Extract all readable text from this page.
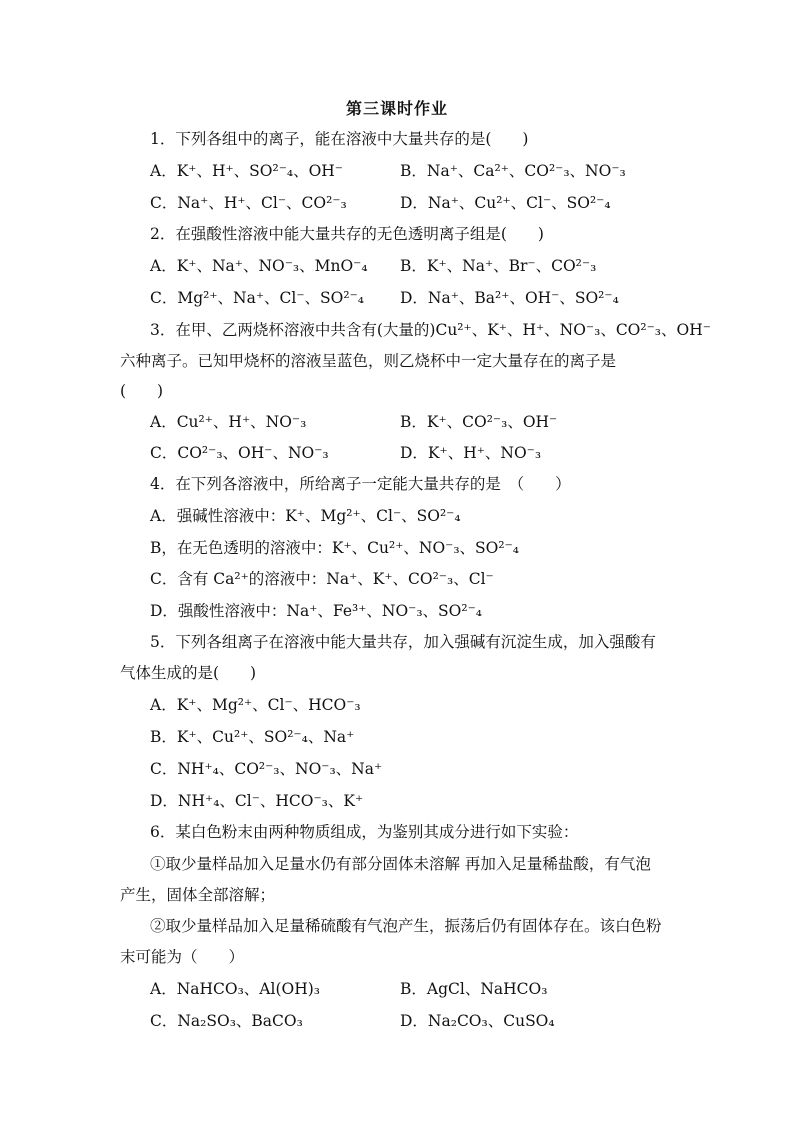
第三课时作业
1．下列各组中的离子，能在溶液中大量共存的是(　　)
A．K⁺、H⁺、SO²⁻₄、OH⁻	B．Na⁺、Ca²⁺、CO²⁻₃、NO⁻₃
C．Na⁺、H⁺、Cl⁻、CO²⁻₃	D．Na⁺、Cu²⁺、Cl⁻、SO²⁻₄
2．在强酸性溶液中能大量共存的无色透明离子组是(　　)
A．K⁺、Na⁺、NO⁻₃、MnO⁻₄ B．K⁺、Na⁺、Br⁻、CO²⁻₃
C．Mg²⁺、Na⁺、Cl⁻、SO²⁻₄ D．Na⁺、Ba²⁺、OH⁻、SO²⁻₄
3．在甲、乙两烧杯溶液中共含有(大量的)Cu²⁺、K⁺、H⁺、NO⁻₃、CO²⁻₃、OH⁻
六种离子。已知甲烧杯的溶液呈蓝色，则乙烧杯中一定大量存在的离子是
(　　)
A．Cu²⁺、H⁺、NO⁻₃	B．K⁺、CO²⁻₃、OH⁻
C．CO²⁻₃、OH⁻、NO⁻₃	D．K⁺、H⁺、NO⁻₃
4．在下列各溶液中，所给离子一定能大量共存的是　（　　）
A．强碱性溶液中：K⁺、Mg²⁺、Cl⁻、SO²⁻₄
B，在无色透明的溶液中：K⁺、Cu²⁺、NO⁻₃、SO²⁻₄
C．含有 Ca²⁺的溶液中：Na⁺、K⁺、CO²⁻₃、Cl⁻
D．强酸性溶液中：Na⁺、Fe³⁺、NO⁻₃、SO²⁻₄
5．下列各组离子在溶液中能大量共存，加入强碱有沉淀生成，加入强酸有
气体生成的是(　　)
A．K⁺、Mg²⁺、Cl⁻、HCO⁻₃
B．K⁺、Cu²⁺、SO²⁻₄、Na⁺
C．NH⁺₄、CO²⁻₃、NO⁻₃、Na⁺
D．NH⁺₄、Cl⁻、HCO⁻₃、K⁺
6．某白色粉末由两种物质组成，为鉴别其成分进行如下实验：
①取少量样品加入足量水仍有部分固体未溶解 再加入足量稀盐酸，有气泡
产生，固体全部溶解；
②取少量样品加入足量稀硫酸有气泡产生，振荡后仍有固体存在。该白色粉
末可能为（　　）
A．NaHCO₃、Al(OH)₃	B．AgCl、NaHCO₃
C．Na₂SO₃、BaCO₃	D．Na₂CO₃、CuSO₄
